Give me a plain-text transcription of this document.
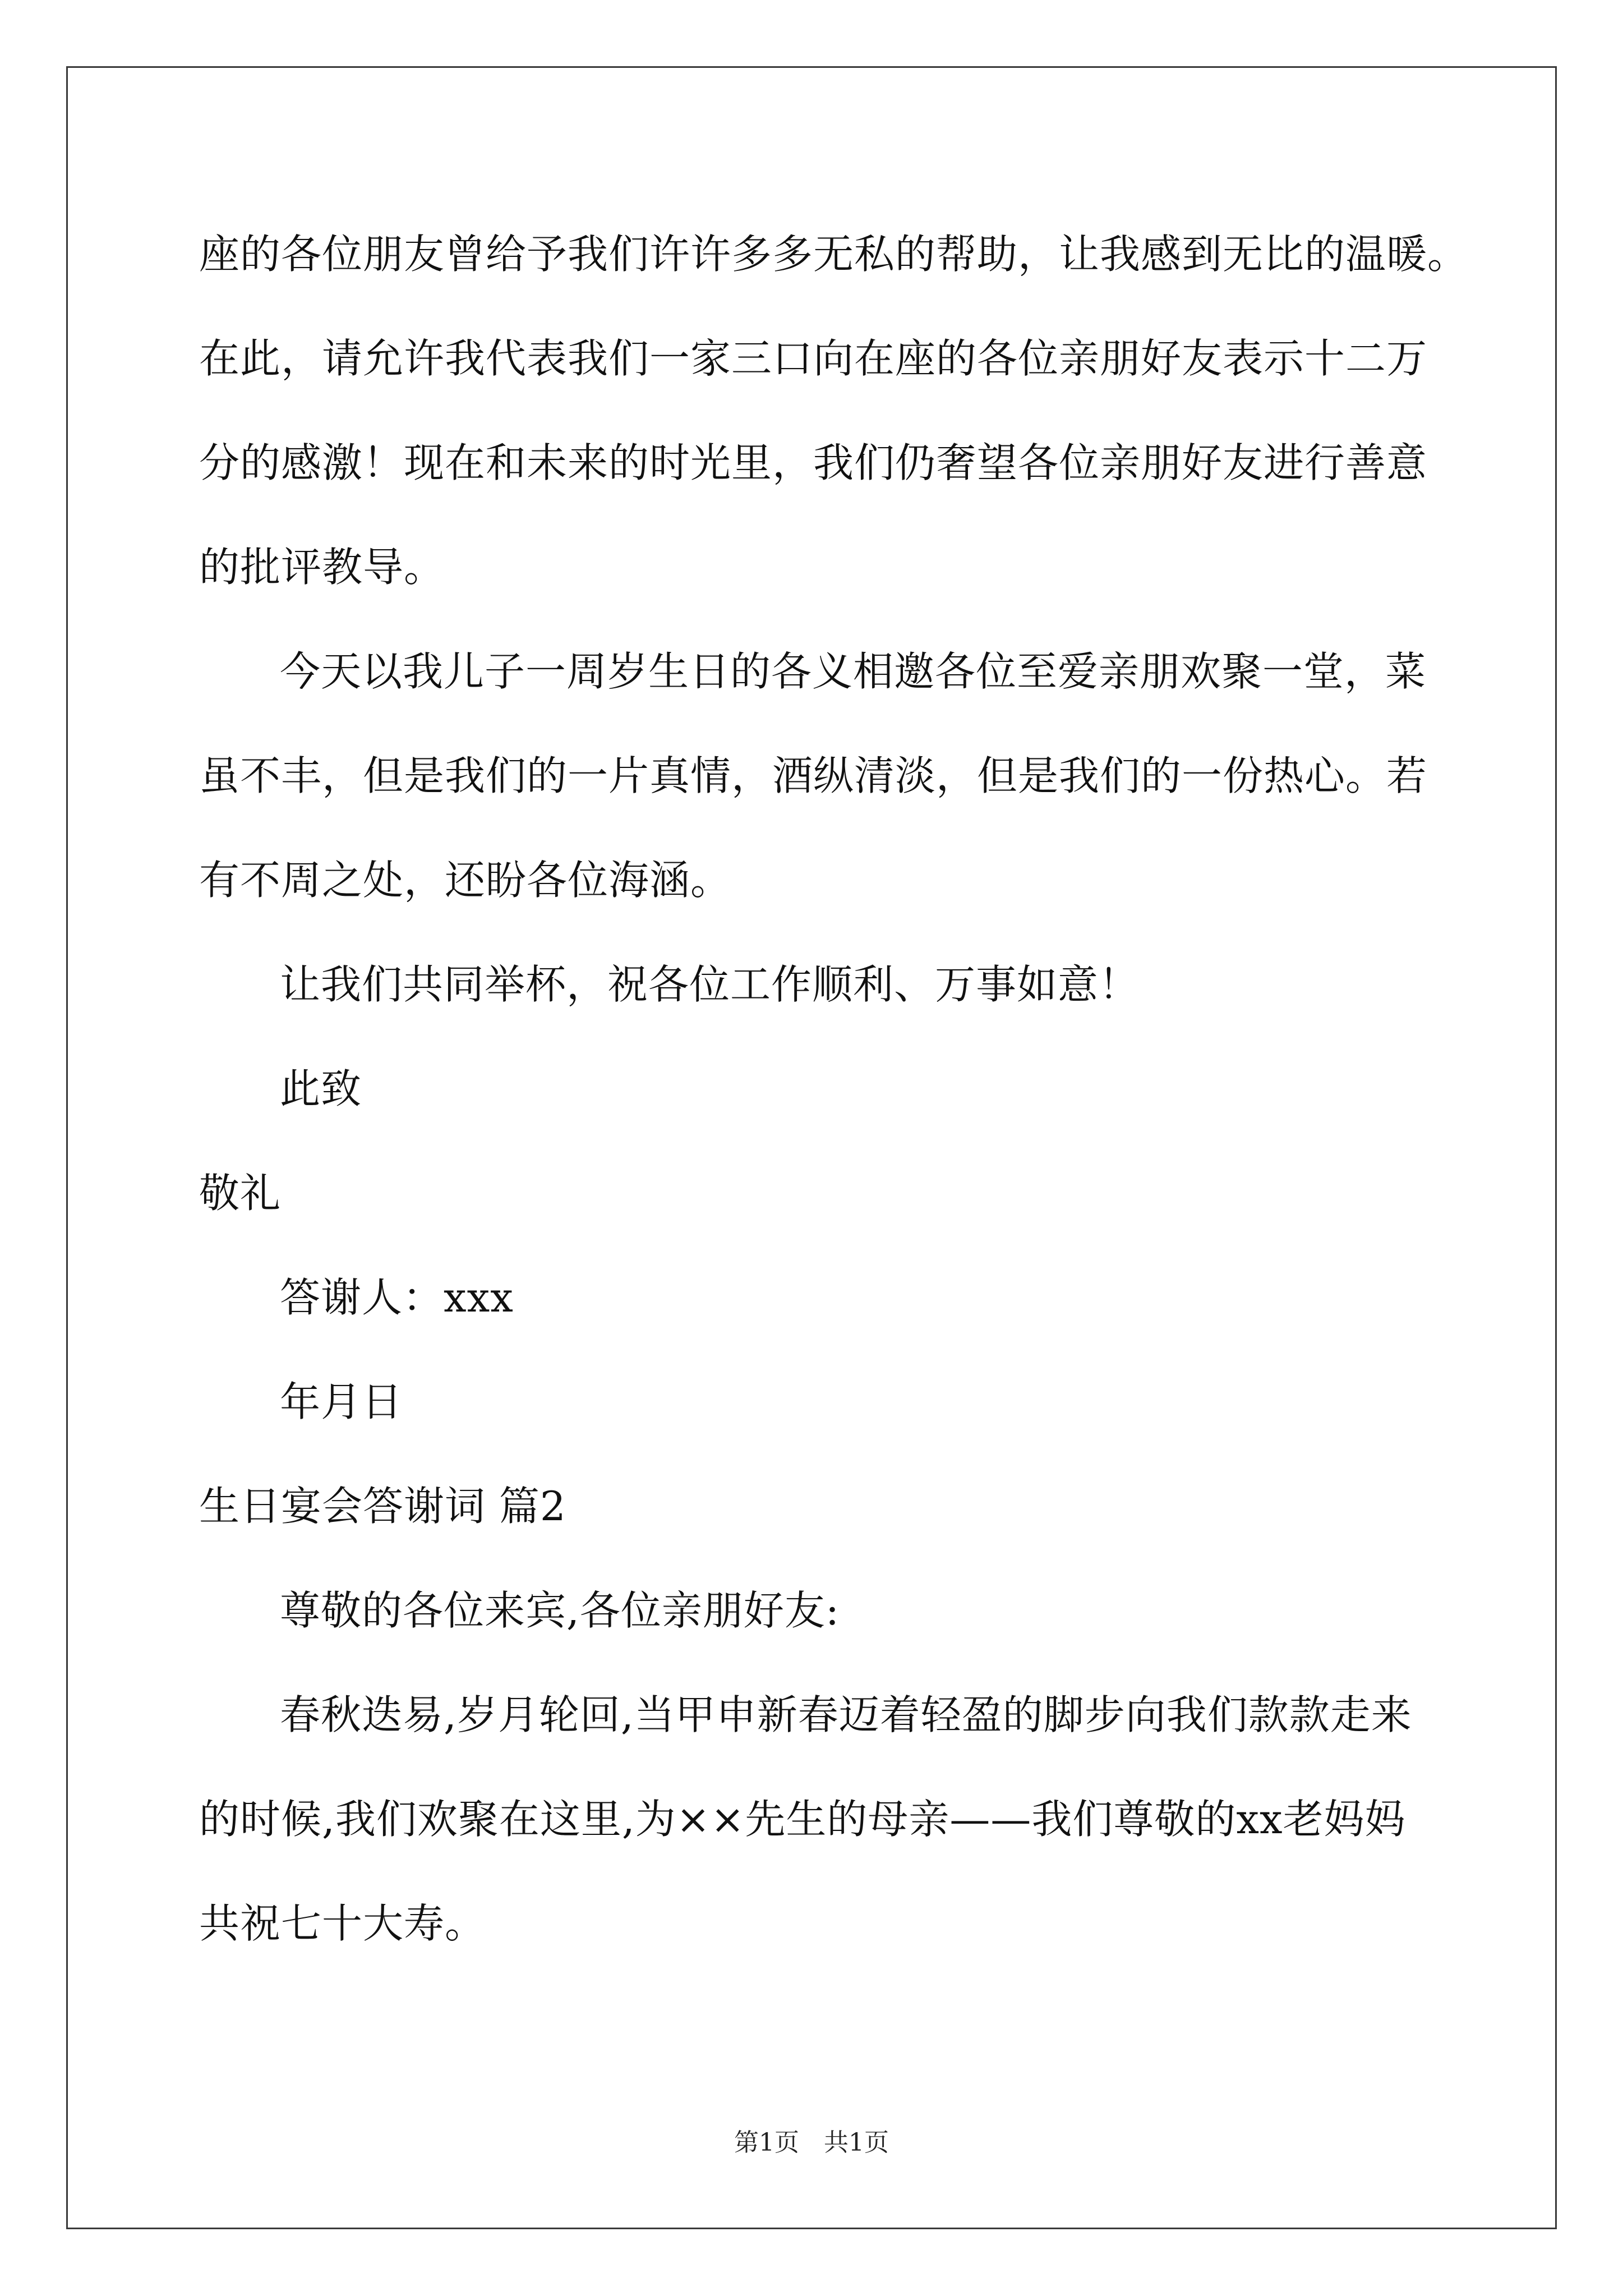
座的各位朋友曾给予我们许许多多无私的帮助，让我感到无比的温暖。
在此，请允许我代表我们一家三口向在座的各位亲朋好友表示十二万
分的感激！现在和未来的时光里，我们仍奢望各位亲朋好友进行善意
的批评教导。
今天以我儿子一周岁生日的各义相邀各位至爱亲朋欢聚一堂，菜
虽不丰，但是我们的一片真情，酒纵清淡，但是我们的一份热心。若
有不周之处，还盼各位海涵。
让我们共同举杯，祝各位工作顺利、万事如意！
此致
敬礼
答谢人：xxx
年月日
生日宴会答谢词 篇2
尊敬的各位来宾,各位亲朋好友:
春秋迭易,岁月轮回,当甲申新春迈着轻盈的脚步向我们款款走来
的时候,我们欢聚在这里,为××先生的母亲——我们尊敬的xx老妈妈
共祝七十大寿。
第1页　共1页
